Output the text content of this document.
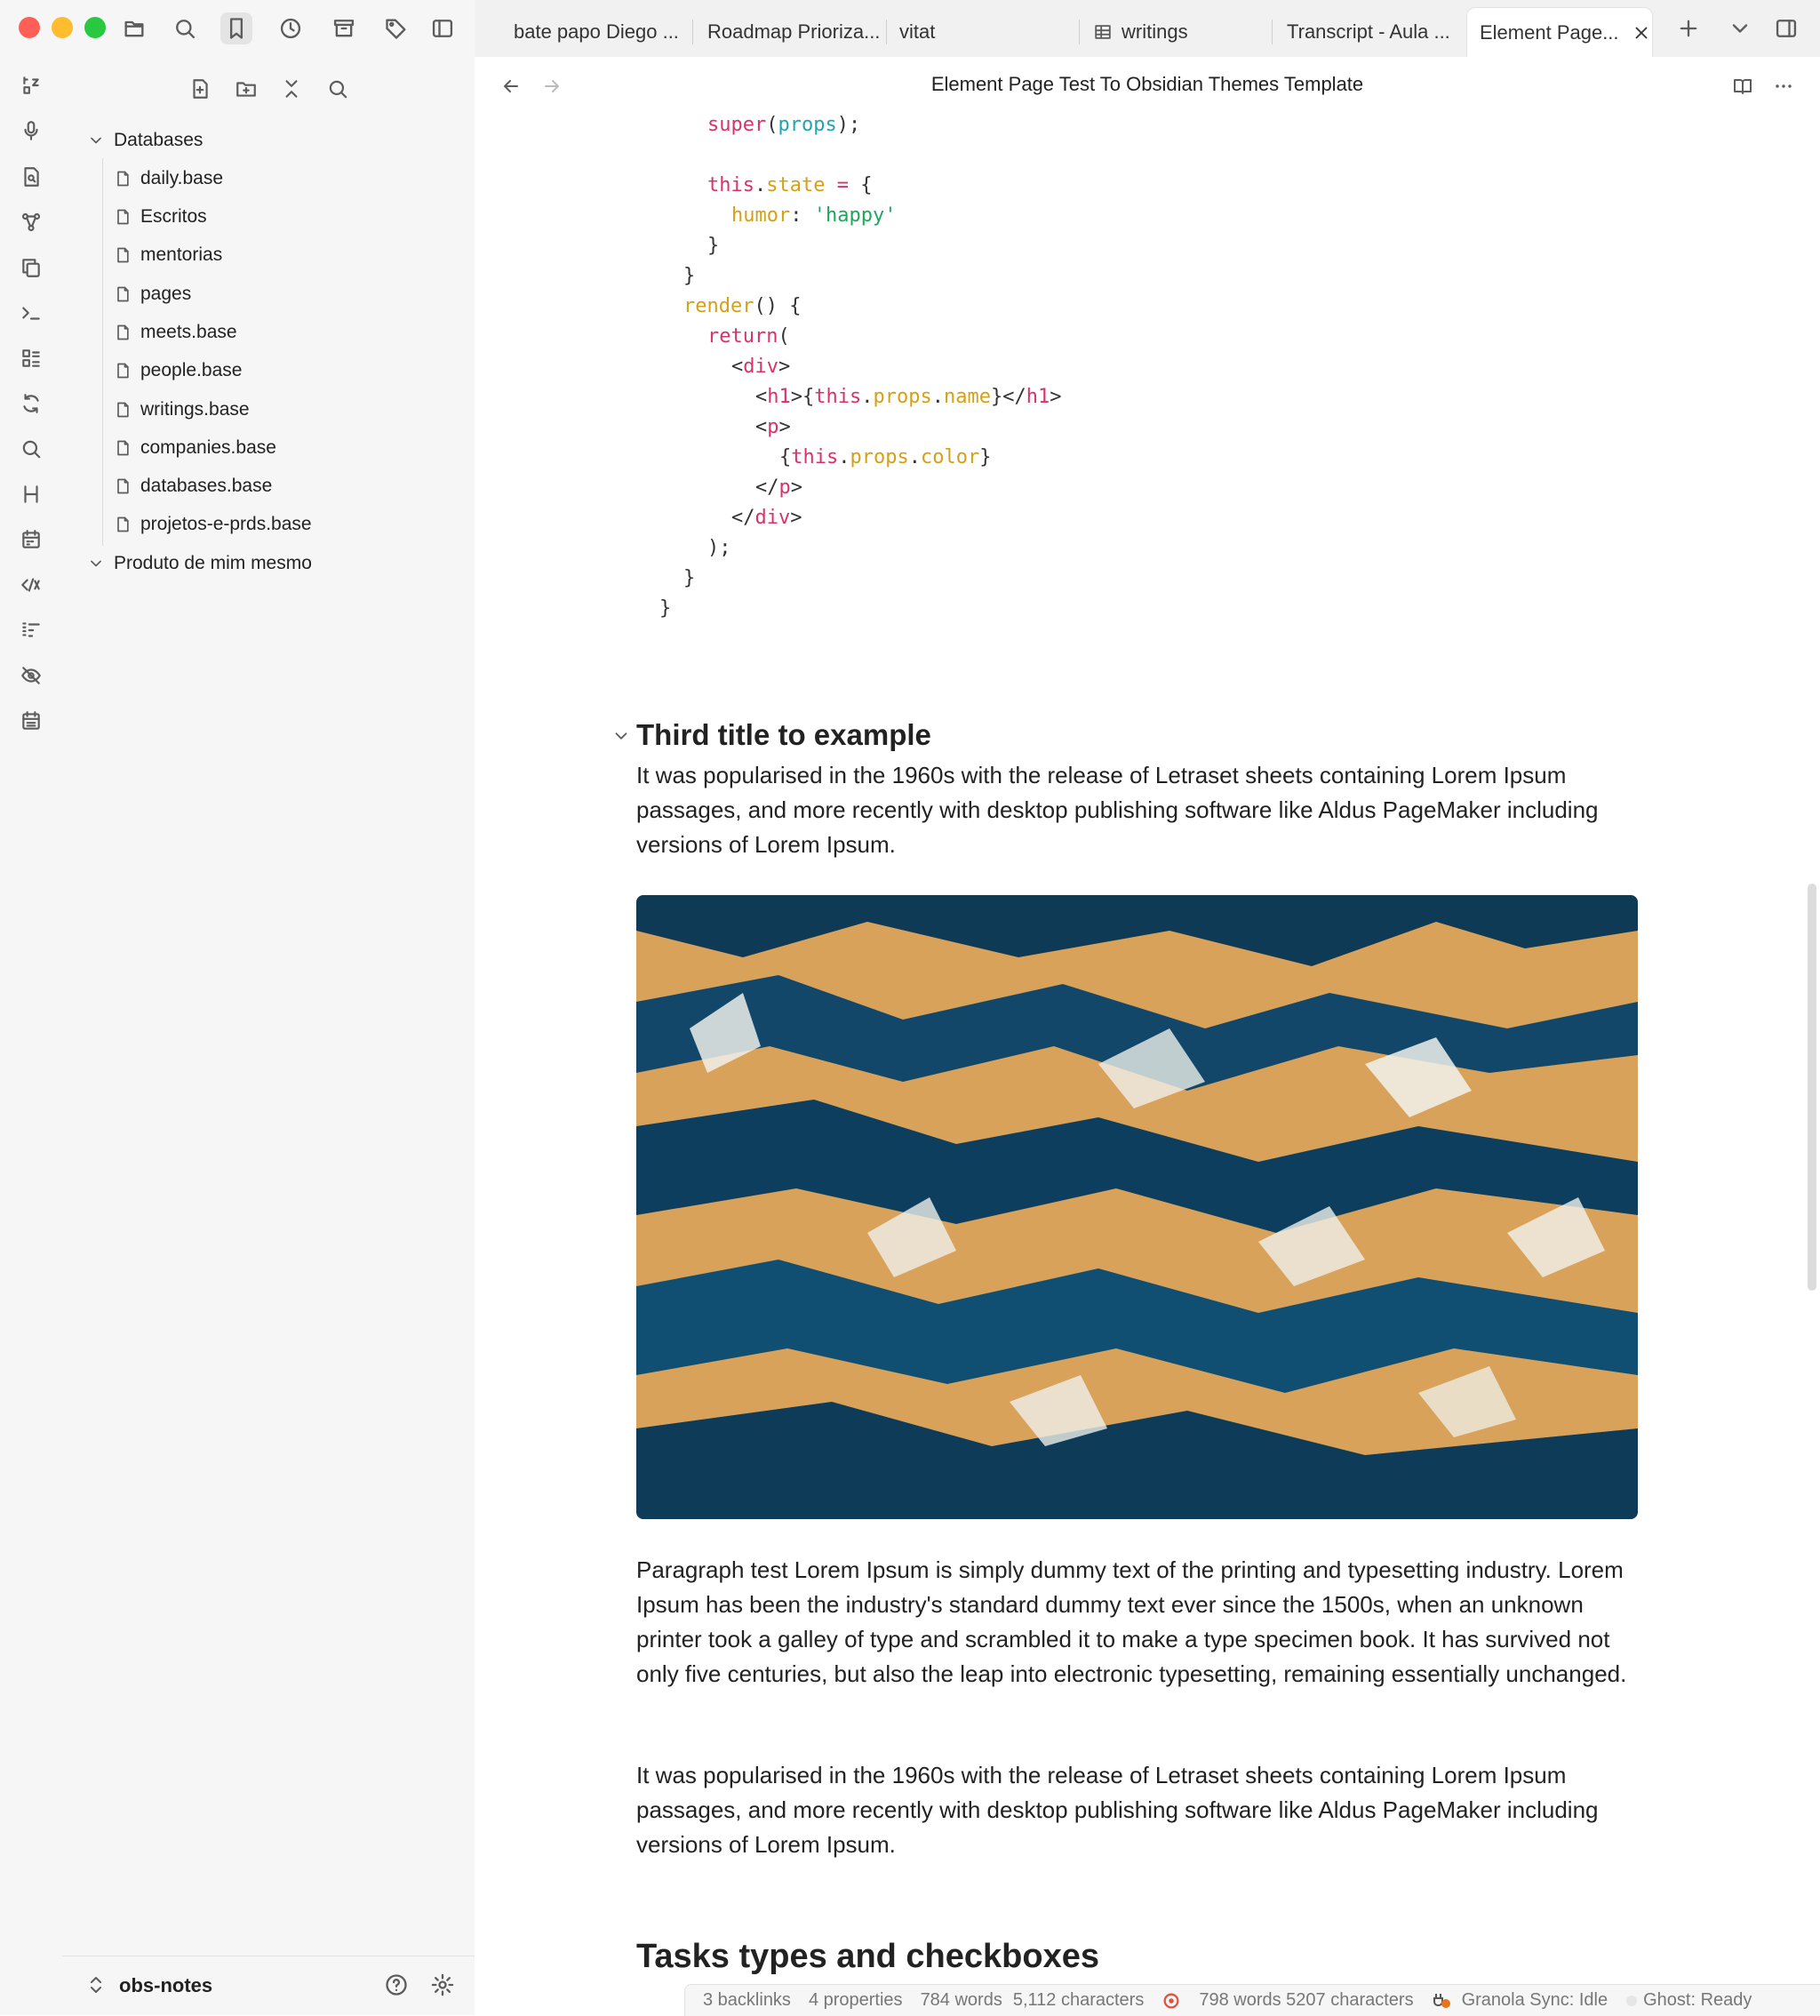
bate papo Diego ... Roadmap Prioriza... vitat	writings	Transcript - Aula ... Element Page...
Databases
daily.base
Escritos
mentorias
pages
meets.base
people.base
writings.base
companies.base
databases.base
projetos-e-prds.base
Produto de mim mesmo
obs-notes
Element Page Test To Obsidian Themes Template
super(props);
this.state = {
humor: 'happy'
}
}
render() {
return(
<div>
<h1>{this.props.name}</h1>
<p>
{this.props.color}
</p>
</div>
);
}
}
Third title to example

It was popularised in the 1960s with the release of Letraset sheets containing Lorem Ipsum passages, and more recently with desktop publishing software like Aldus PageMaker including versions of Lorem Ipsum.

Paragraph test Lorem Ipsum is simply dummy text of the printing and typesetting industry. Lorem Ipsum has been the industry's standard dummy text ever since the 1500s, when an unknown printer took a galley of type and scrambled it to make a type specimen book. It has survived not only five centuries, but also the leap into electronic typesetting, remaining essentially unchanged.

It was popularised in the 1960s with the release of Letraset sheets containing Lorem Ipsum passages, and more recently with desktop publishing software like Aldus PageMaker including versions of Lorem Ipsum.

Tasks types and checkboxes
3 backlinks 4 properties 784 words 5,112 characters	798 words 5207 characters	Granola Sync: Idle Ghost: Ready
